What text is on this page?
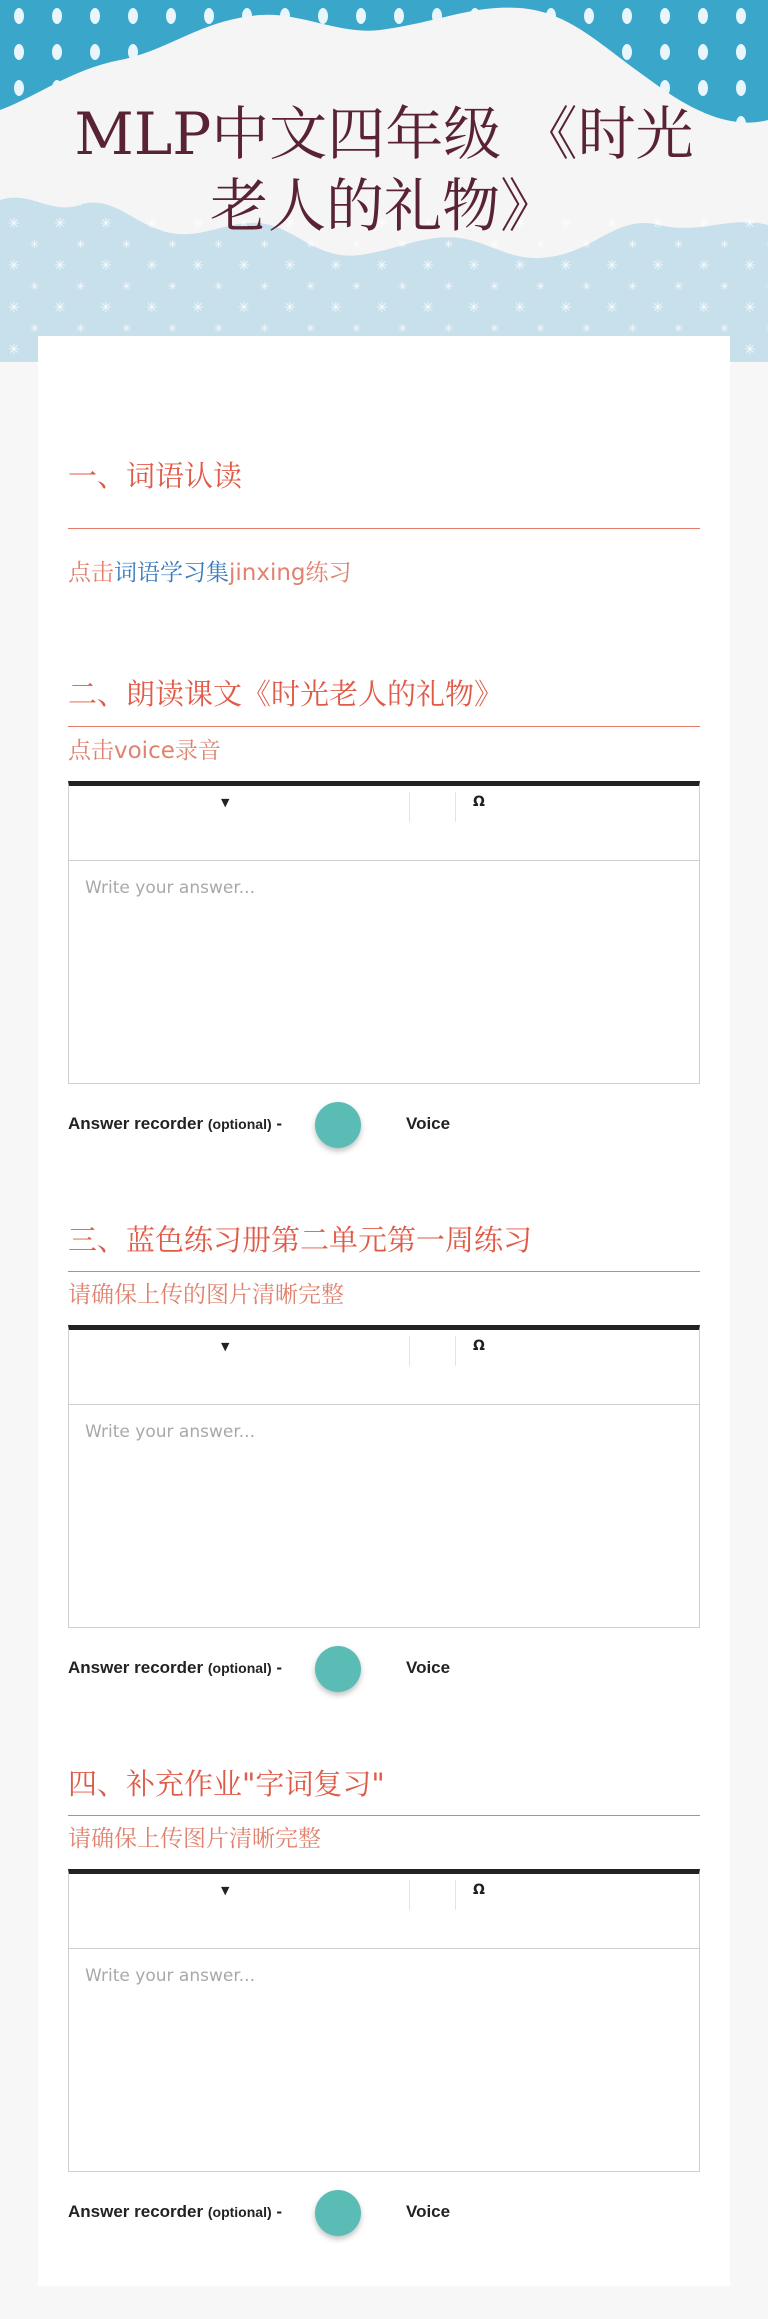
MLP中文四年级 《时光老人的礼物》
一、词语认读
点击词语学习集jinxing练习
二、朗读课文《时光老人的礼物》
点击voice录音
▼	Ω
Write your answer...
Answer recorder (optional) -	Voice
三、蓝色练习册第二单元第一周练习
请确保上传的图片清晰完整
▼	Ω
Write your answer...
Answer recorder (optional) -	Voice
四、补充作业"字词复习"
请确保上传图片清晰完整
▼	Ω
Write your answer...
Answer recorder (optional) -	Voice
